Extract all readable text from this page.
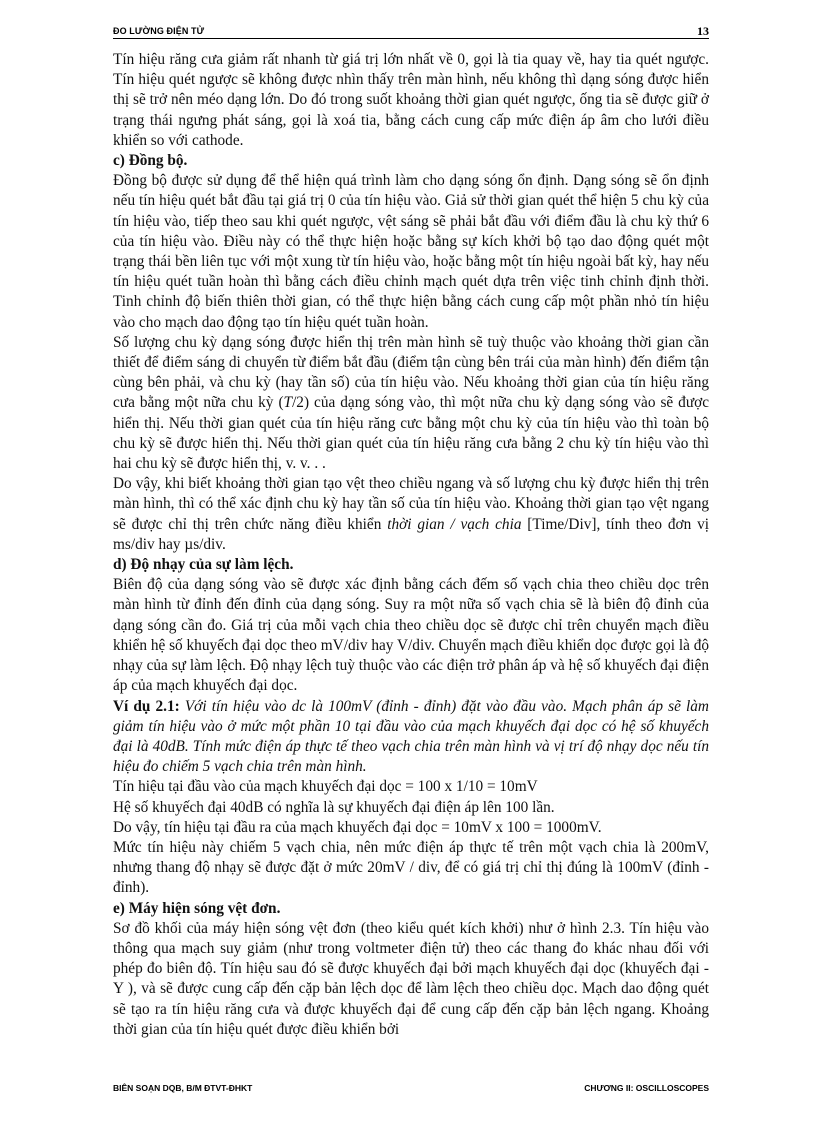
ĐO LƯỜNG ĐIỆN TỬ	13

Tín hiệu răng cưa giảm rất nhanh từ giá trị lớn nhất về 0, gọi là tia quay về, hay tia quét ngược. Tín hiệu quét ngược sẽ không được nhìn thấy trên màn hình, nếu không thì dạng sóng được hiển thị sẽ trở nên méo dạng lớn. Do đó trong suốt khoảng thời gian quét ngược, ống tia sẽ được giữ ở trạng thái ngưng phát sáng, gọi là xoá tia, bằng cách cung cấp mức điện áp âm cho lưới điều khiển so với cathode.

c) Đồng bộ.

Đồng bộ được sử dụng để thể hiện quá trình làm cho dạng sóng ổn định. Dạng sóng sẽ ổn định nếu tín hiệu quét bắt đầu tại giá trị 0 của tín hiệu vào. Giả sử thời gian quét thể hiện 5 chu kỳ của tín hiệu vào, tiếp theo sau khi quét ngược, vệt sáng sẽ phải bắt đầu với điểm đầu là chu kỳ thứ 6 của tín hiệu vào. Điều này có thể thực hiện hoặc bằng sự kích khởi bộ tạo dao động quét một trạng thái bền liên tục với một xung từ tín hiệu vào, hoặc bằng một tín hiệu ngoài bất kỳ, hay nếu tín hiệu quét tuần hoàn thì bằng cách điều chỉnh mạch quét dựa trên việc tinh chỉnh định thời. Tinh chỉnh độ biến thiên thời gian, có thể thực hiện bằng cách cung cấp một phần nhỏ tín hiệu vào cho mạch dao động tạo tín hiệu quét tuần hoàn.

Số lượng chu kỳ dạng sóng được hiển thị trên màn hình sẽ tuỳ thuộc vào khoảng thời gian cần thiết để điểm sáng di chuyển từ điểm bắt đầu (điểm tận cùng bên trái của màn hình) đến điểm tận cùng bên phải, và chu kỳ (hay tần số) của tín hiệu vào. Nếu khoảng thời gian của tín hiệu răng cưa bằng một nữa chu kỳ (T/2) của dạng sóng vào, thì một nữa chu kỳ dạng sóng vào sẽ được hiển thị. Nếu thời gian quét của tín hiệu răng cưc bằng một chu kỳ của tín hiệu vào thì toàn bộ chu kỳ sẽ được hiển thị. Nếu thời gian quét của tín hiệu răng cưa bằng 2 chu kỳ tín hiệu vào thì hai chu kỳ sẽ được hiển thị, v. v. . .

Do vậy, khi biết khoảng thời gian tạo vệt theo chiều ngang và số lượng chu kỳ được hiển thị trên màn hình, thì có thể xác định chu kỳ hay tần số của tín hiệu vào. Khoảng thời gian tạo vệt ngang sẽ được chỉ thị trên chức năng điều khiển thời gian / vạch chia [Time/Div], tính theo đơn vị ms/div hay µs/div.

d) Độ nhạy của sự làm lệch.

Biên độ của dạng sóng vào sẽ được xác định bằng cách đếm số vạch chia theo chiều dọc trên màn hình từ đỉnh đến đỉnh của dạng sóng. Suy ra một nữa số vạch chia sẽ là biên độ đỉnh của dạng sóng cần đo. Giá trị của mỗi vạch chia theo chiều dọc sẽ được chỉ trên chuyển mạch điều khiển hệ số khuyếch đại dọc theo mV/div hay V/div. Chuyển mạch điều khiển dọc được gọi là độ nhạy của sự làm lệch. Độ nhạy lệch tuỳ thuộc vào các điện trở phân áp và hệ số khuyếch đại điện áp của mạch khuyếch đại dọc.

Ví dụ 2.1: Với tín hiệu vào dc là 100mV (đỉnh - đỉnh) đặt vào đầu vào. Mạch phân áp sẽ làm giảm tín hiệu vào ở mức một phần 10 tại đầu vào của mạch khuyếch đại dọc có hệ số khuyếch đại là 40dB. Tính mức điện áp thực tế theo vạch chia trên màn hình và vị trí độ nhạy dọc nếu tín hiệu đo chiếm 5 vạch chia trên màn hình.

Tín hiệu tại đầu vào của mạch khuyếch đại dọc = 100 x 1/10 = 10mV

Hệ số khuyếch đại 40dB có nghĩa là sự khuyếch đại điện áp lên 100 lần.

Do vậy, tín hiệu tại đầu ra của mạch khuyếch đại dọc = 10mV x 100 = 1000mV.

Mức tín hiệu này chiếm 5 vạch chia, nên mức điện áp thực tế trên một vạch chia là 200mV, nhưng thang độ nhạy sẽ được đặt ở mức 20mV / div, để có giá trị chỉ thị đúng là 100mV (đỉnh - đỉnh).

e) Máy hiện sóng vệt đơn.

Sơ đồ khối của máy hiện sóng vệt đơn (theo kiểu quét kích khởi) như ở hình 2.3. Tín hiệu vào thông qua mạch suy giảm (như trong voltmeter điện tử) theo các thang đo khác nhau đối với phép đo biên độ. Tín hiệu sau đó sẽ được khuyếch đại bởi mạch khuyếch đại dọc (khuyếch đại - Y ), và sẽ được cung cấp đến cặp bản lệch dọc để làm lệch theo chiều dọc. Mạch dao động quét sẽ tạo ra tín hiệu răng cưa và được khuyếch đại để cung cấp đến cặp bản lệch ngang. Khoảng thời gian của tín hiệu quét được điều khiển bởi

BIÊN SOẠN DQB, B/M ĐTVT-ĐHKT	CHƯƠNG II: OSCILLOSCOPES
